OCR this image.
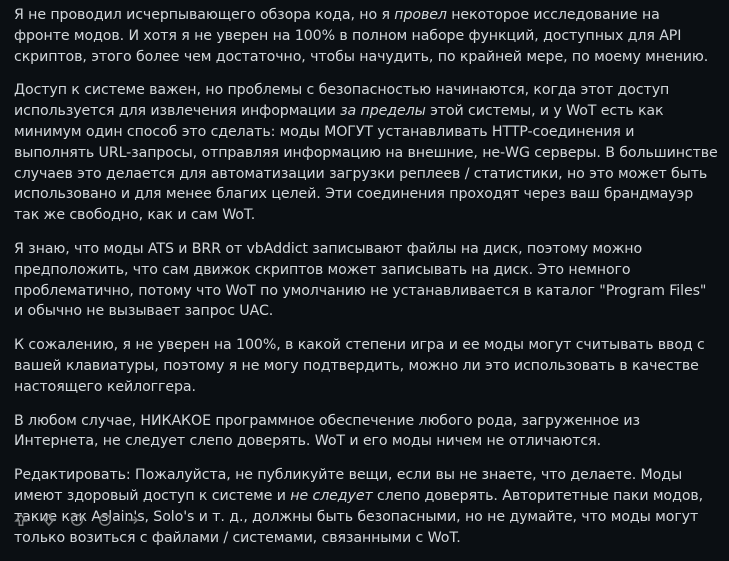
Я не проводил исчерпывающего обзора кода, но я провел некоторое исследование на фронте модов. И хотя я не уверен на 100% в полном наборе функций, доступных для API скриптов, этого более чем достаточно, чтобы начудить, по крайней мере, по моему мнению.

Доступ к системе важен, но проблемы с безопасностью начинаются, когда этот доступ используется для извлечения информации за пределы этой системы, и у WoT есть как минимум один способ это сделать: моды МОГУТ устанавливать HTTP-соединения и выполнять URL-запросы, отправляя информацию на внешние, не-WG серверы. В большинстве случаев это делается для автоматизации загрузки реплеев / статистики, но это может быть использовано и для менее благих целей. Эти соединения проходят через ваш брандмауэр так же свободно, как и сам WoT.

Я знаю, что моды ATS и BRR от vbAddict записывают файлы на диск, поэтому можно предположить, что сам движок скриптов может записывать на диск. Это немного проблематично, потому что WoT по умолчанию не устанавливается в каталог "Program Files" и обычно не вызывает запрос UAC.

К сожалению, я не уверен на 100%, в какой степени игра и ее моды могут считывать ввод с вашей клавиатуры, поэтому я не могу подтвердить, можно ли это использовать в качестве настоящего кейлоггера.

В любом случае, НИКАКОЕ программное обеспечение любого рода, загруженное из Интернета, не следует слепо доверять. WoT и его моды ничем не отличаются.

Редактировать: Пожалуйста, не публикуйте вещи, если вы не знаете, что делаете. Моды имеют здоровый доступ к системе и не следует слепо доверять. Авторитетные паки модов, такие как Aslain's, Solo's и т. д., должны быть безопасными, но не думайте, что моды могут только возиться с файлами / системами, связанными с WoT.
